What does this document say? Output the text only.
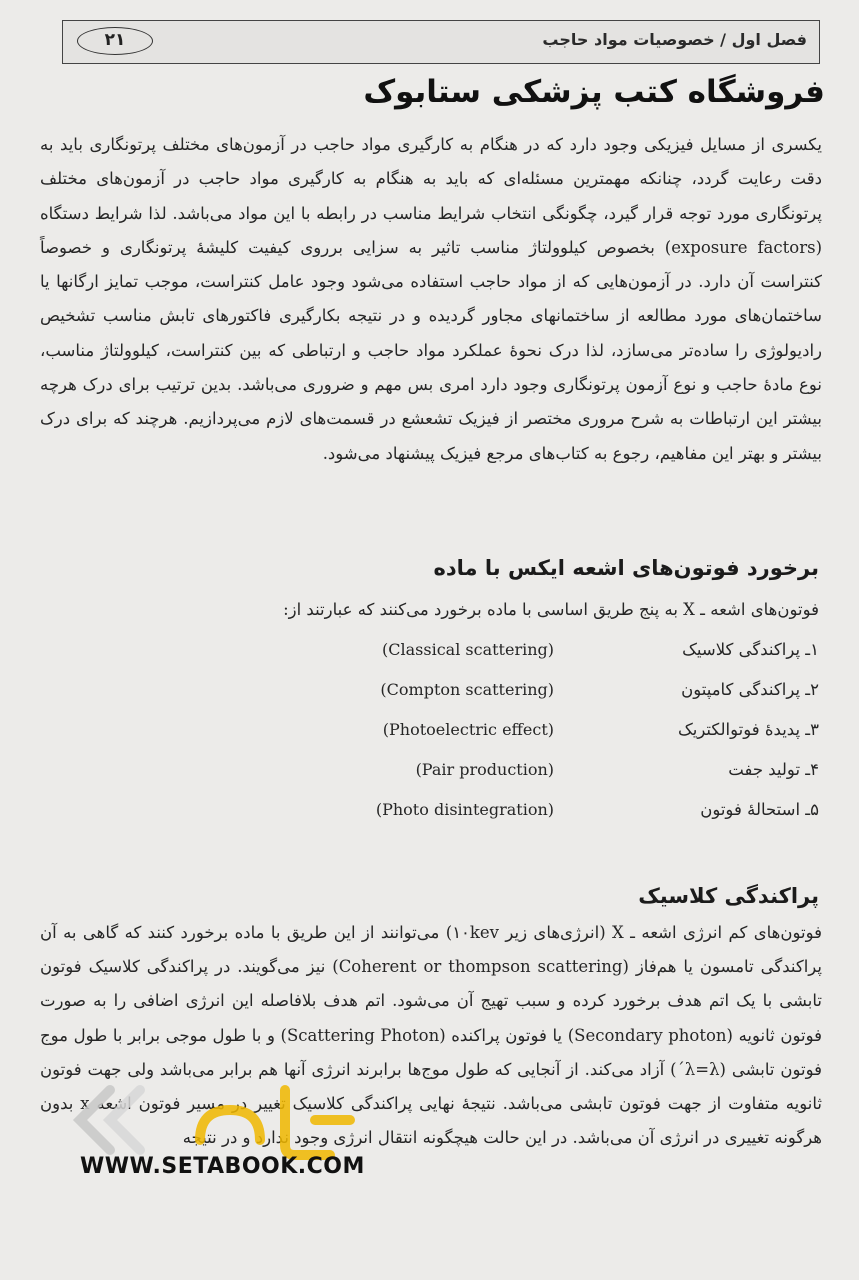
فصل اول / خصوصیات مواد حاجب
۲۱
فروشگاه کتب پزشکی ستابوک
یکسری از مسایل فیزیکی وجود دارد که در هنگام به کارگیری مواد حاجب در آزمون‌های مختلف پرتونگاری باید به دقت رعایت گردد، چنانکه مهمترین مسئله‌ای که باید به هنگام به کارگیری مواد حاجب در آزمون‌های مختلف پرتونگاری مورد توجه قرار گیرد، چگونگی انتخاب شرایط مناسب در رابطه با این مواد می‌باشد. لذا شرایط دستگاه (exposure factors) بخصوص کیلوولتاژ مناسب تاثیر به سزایی برروی کیفیت کلیشهٔ پرتونگاری و خصوصاً کنتراست آن دارد. در آزمون‌هایی که از مواد حاجب استفاده می‌شود وجود عامل کنتراست، موجب تمایز ارگانها یا ساختمان‌های مورد مطالعه از ساختمانهای مجاور گردیده و در نتیجه بکارگیری فاکتورهای تابش مناسب تشخیص رادیولوژی را ساده‌تر می‌سازد، لذا درک نحوهٔ عملکرد مواد حاجب و ارتباطی که بین کنتراست، کیلوولتاژ مناسب، نوع مادهٔ حاجب و نوع آزمون پرتونگاری وجود دارد امری بس مهم و ضروری می‌باشد. بدین ترتیب برای درک هرچه بیشتر این ارتباطات به شرح مروری مختصر از فیزیک تشعشع در قسمت‌های لازم می‌پردازیم. هرچند که برای درک بیشتر و بهتر این مفاهیم، رجوع به کتاب‌های مرجع فیزیک پیشنهاد می‌شود.
برخورد فوتون‌های اشعه ایکس با ماده
فوتون‌های اشعه ـ X به پنج طریق اساسی با ماده برخورد می‌کنند که عبارتند از:
۱ـ پراکندگی کلاسیک
(Classical scattering)
۲ـ پراکندگی کامپتون
(Compton scattering)
۳ـ پدیدهٔ فوتوالکتریک
(Photoelectric effect)
۴ـ تولید جفت
(Pair production)
۵ـ استحالهٔ فوتون
(Photo disintegration)
پراکندگی کلاسیک
فوتون‌های کم انرژی اشعه ـ X (انرژی‌های زیر ۱۰kev) می‌توانند از این طریق با ماده برخورد کنند که گاهی به آن پراکندگی تامسون یا هم‌فاز (Coherent or thompson scattering) نیز می‌گویند. در پراکندگی کلاسیک فوتون تابشی با یک اتم هدف برخورد کرده و سبب تهیج آن می‌شود. اتم هدف بلافاصله این انرژی اضافی را به صورت فوتون ثانویه (Secondary photon) یا فوتون پراکنده (Scattering Photon) و با طول موجی برابر با طول موج فوتون تابشی (λ=λ΄) آزاد می‌کند. از آنجایی که طول موج‌ها برابرند انرژی آنها هم برابر می‌باشد ولی جهت فوتون ثانویه متفاوت از جهت فوتون تابشی می‌باشد. نتیجهٔ نهایی پراکندگی کلاسیک تغییر در مسیر فوتون اشعه x بدون هرگونه تغییری در انرژی آن می‌باشد. در این حالت هیچگونه انتقال انرژی وجود ندارد و در نتیجه
WWW.SETABOOK.COM
